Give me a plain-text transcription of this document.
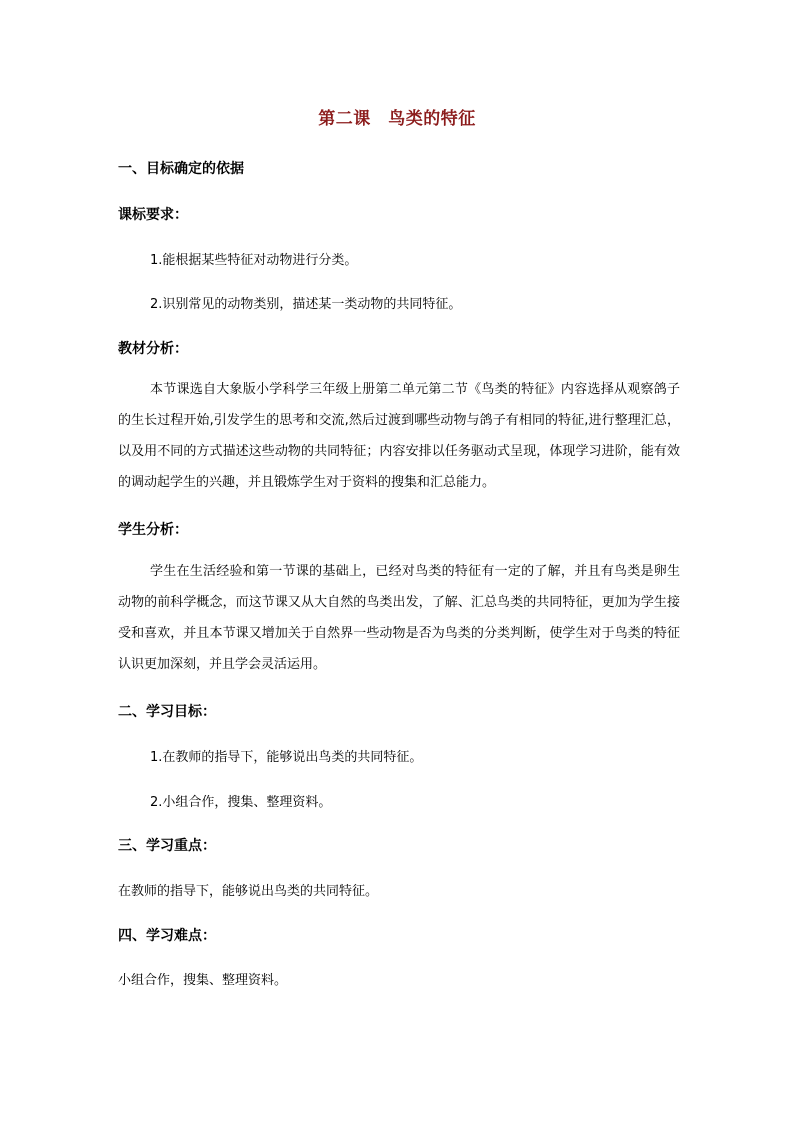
第二课　鸟类的特征
一、目标确定的依据
课标要求：
1.能根据某些特征对动物进行分类。
2.识别常见的动物类别，描述某一类动物的共同特征。
教材分析：

本节课选自大象版小学科学三年级上册第二单元第二节《鸟类的特征》内容选择从观察鸽子的生长过程开始,引发学生的思考和交流,然后过渡到哪些动物与鸽子有相同的特征,进行整理汇总，以及用不同的方式描述这些动物的共同特征；内容安排以任务驱动式呈现，体现学习进阶，能有效的调动起学生的兴趣，并且锻炼学生对于资料的搜集和汇总能力。

学生分析：

学生在生活经验和第一节课的基础上，已经对鸟类的特征有一定的了解，并且有鸟类是卵生动物的前科学概念，而这节课又从大自然的鸟类出发，了解、汇总鸟类的共同特征，更加为学生接受和喜欢，并且本节课又增加关于自然界一些动物是否为鸟类的分类判断，使学生对于鸟类的特征认识更加深刻，并且学会灵活运用。

二、学习目标：
1.在教师的指导下，能够说出鸟类的共同特征。
2.小组合作，搜集、整理资料。
三、学习重点：
在教师的指导下，能够说出鸟类的共同特征。
四、学习难点：
小组合作，搜集、整理资料。
